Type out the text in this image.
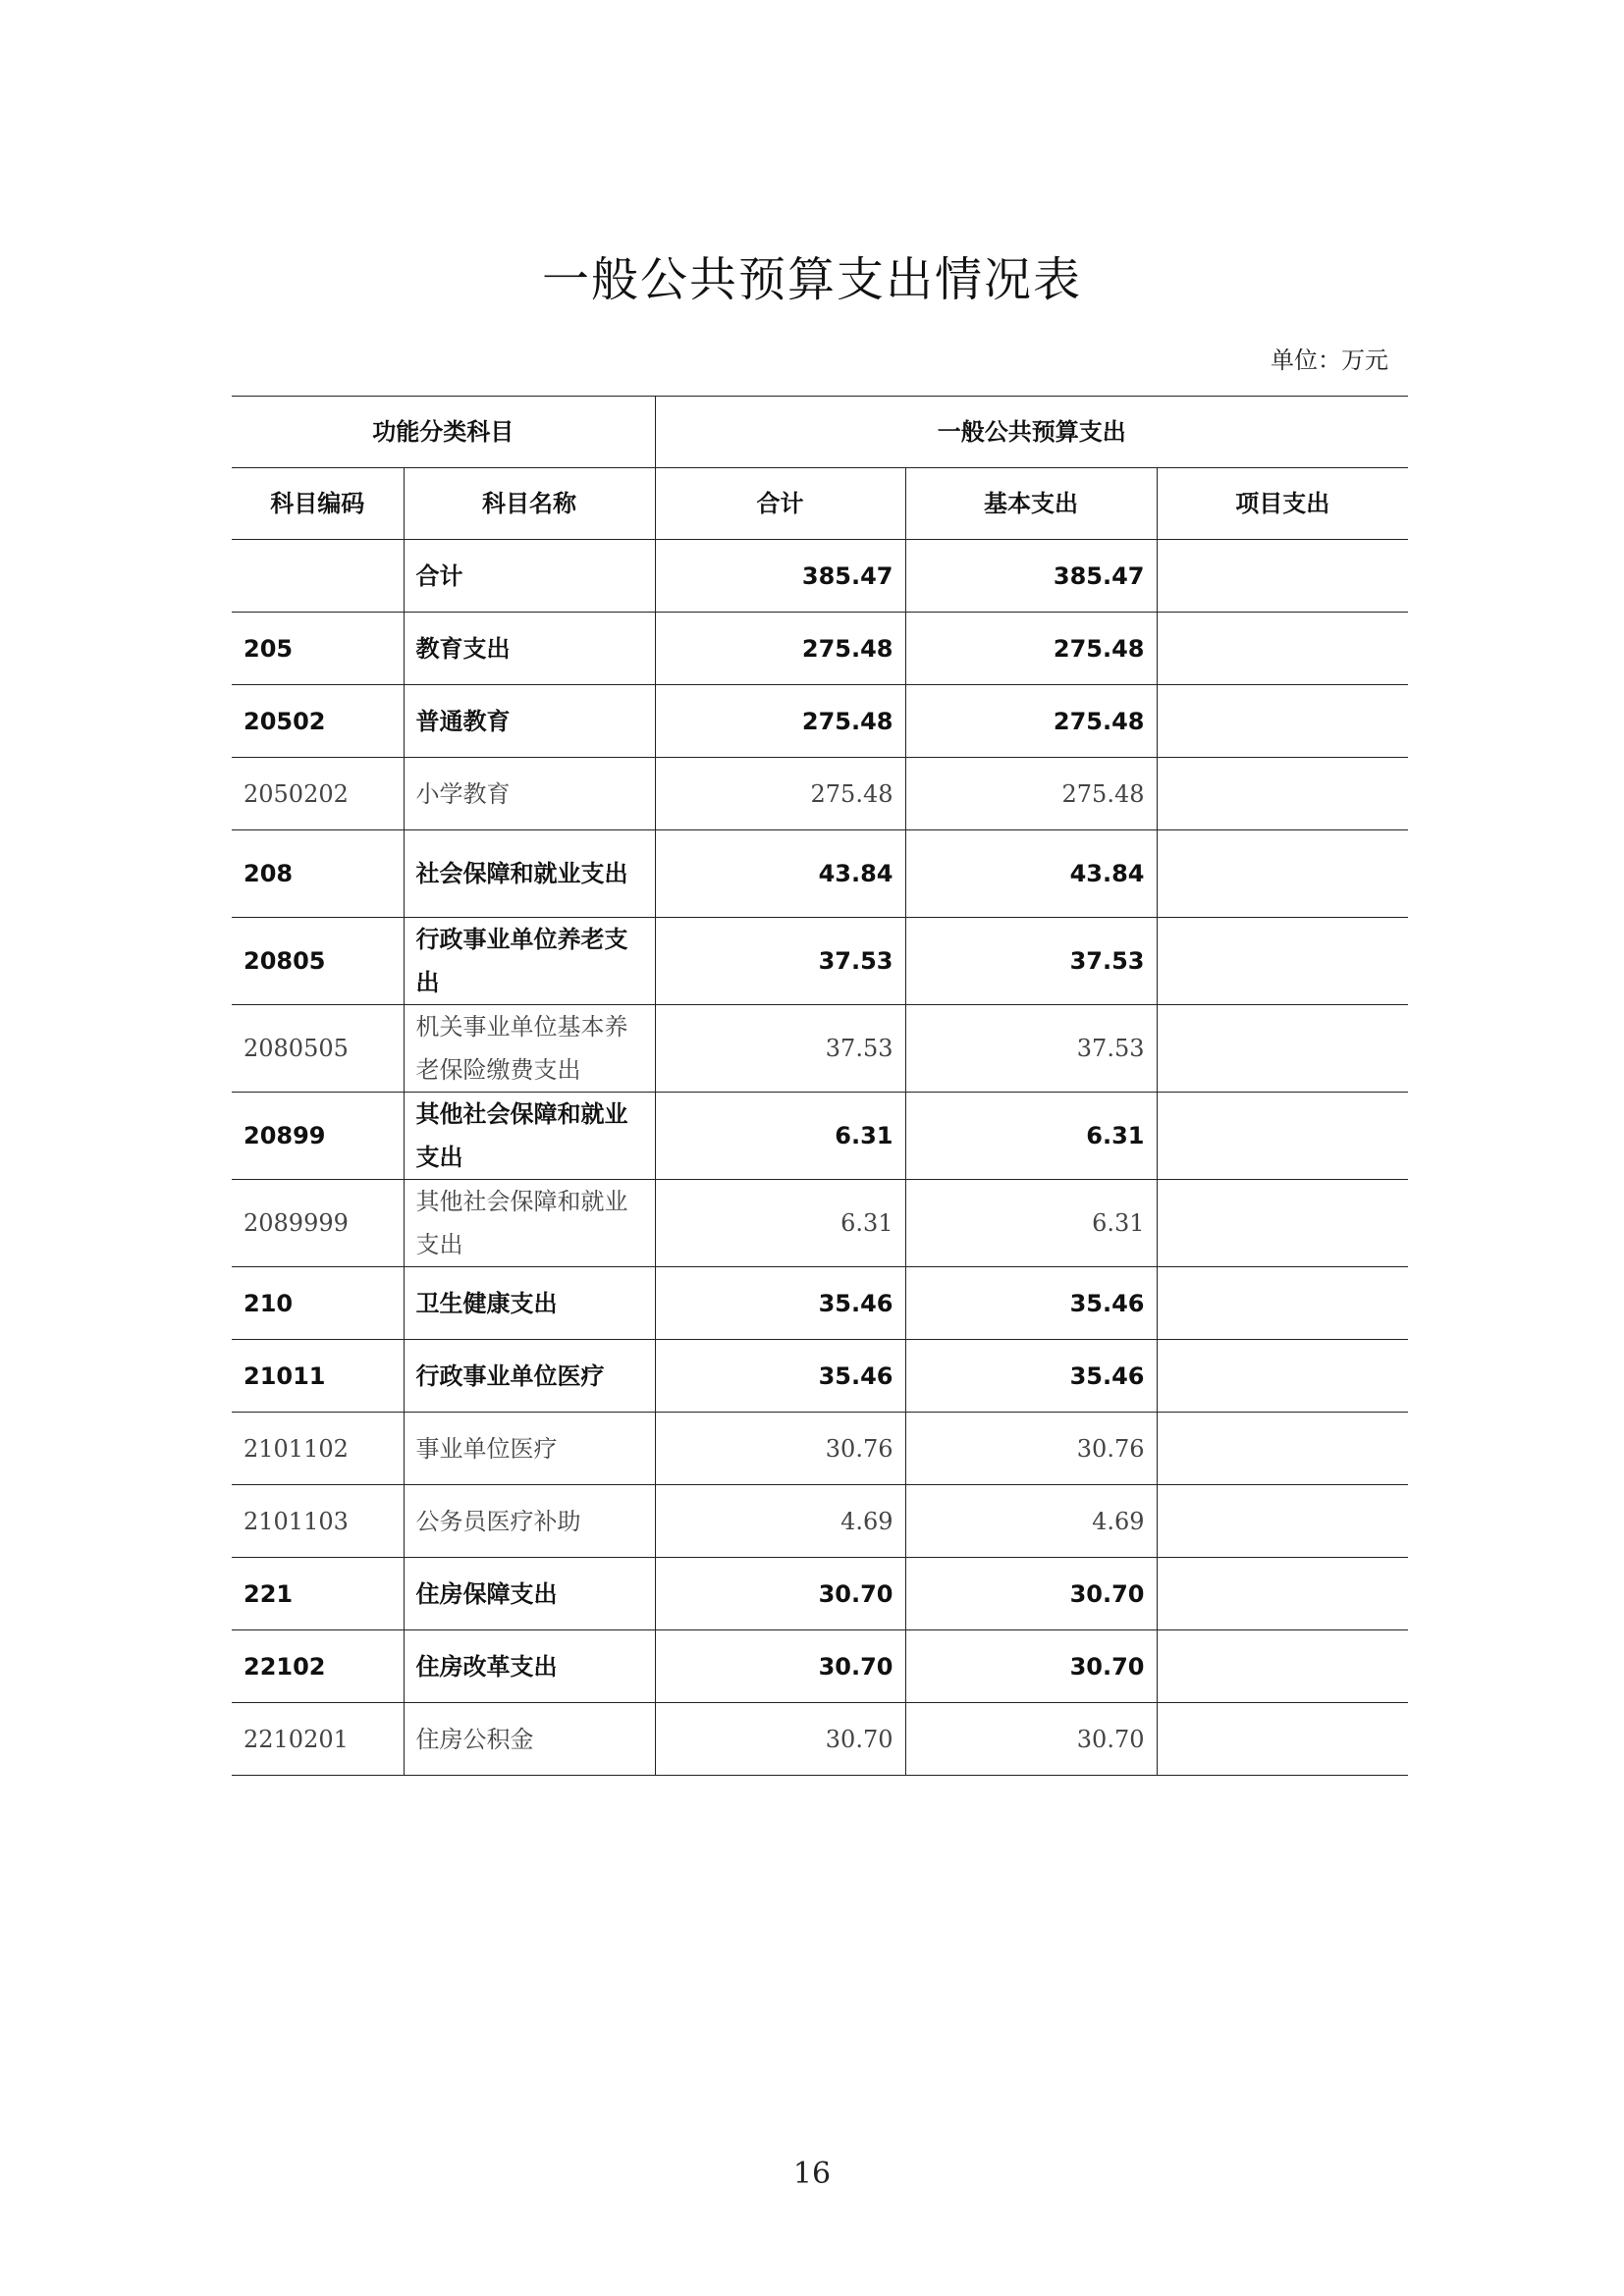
一般公共预算支出情况表
单位：万元
功能分类科目		一般公共预算支出		
科目编码	科目名称	合计	基本支出	项目支出
	合计	385.47	385.47	
205	教育支出	275.48	275.48	
20502	普通教育	275.48	275.48	
2050202	小学教育	275.48	275.48	
208	社会保障和就业支出	43.84	43.84	
20805	行政事业单位养老支出	37.53	37.53	
2080505	机关事业单位基本养老保险缴费支出	37.53	37.53	
20899	其他社会保障和就业支出	6.31	6.31	
2089999	其他社会保障和就业支出	6.31	6.31	
210	卫生健康支出	35.46	35.46	
21011	行政事业单位医疗	35.46	35.46	
2101102	事业单位医疗	30.76	30.76	
2101103	公务员医疗补助	4.69	4.69	
221	住房保障支出	30.70	30.70	
22102	住房改革支出	30.70	30.70	
2210201	住房公积金	30.70	30.70	
16
